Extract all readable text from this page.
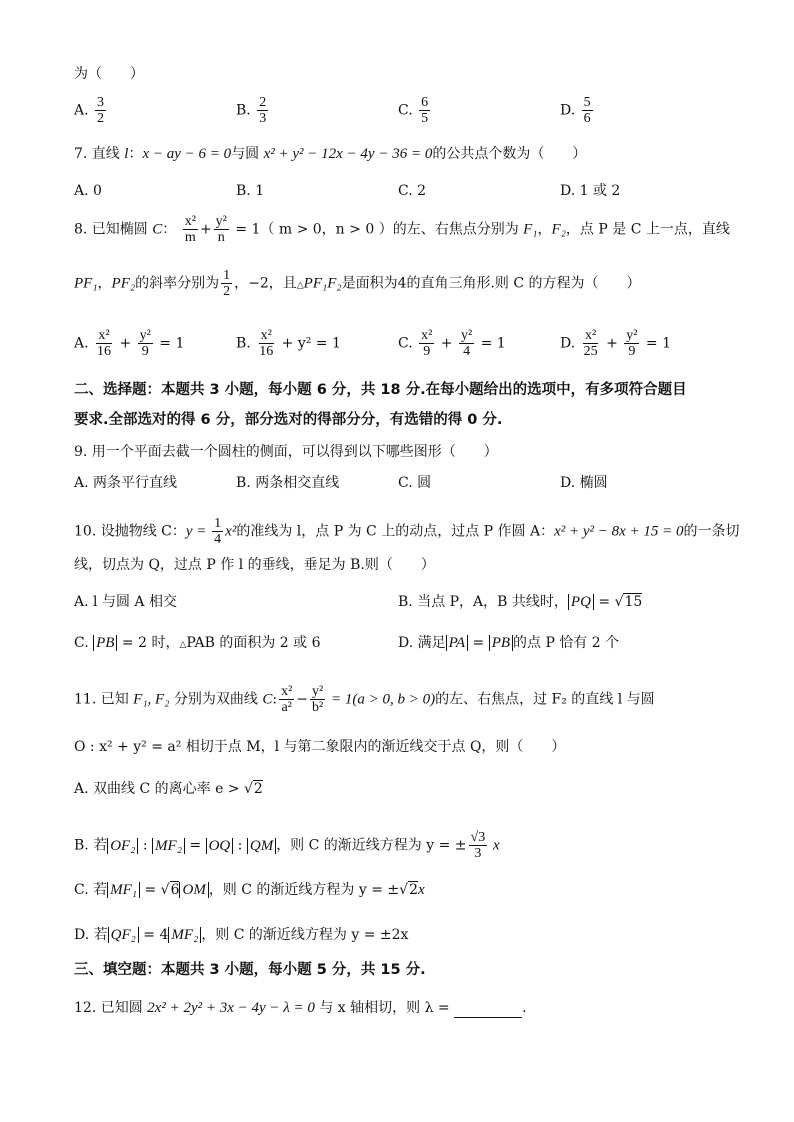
为（　　）
A. $\frac{3}{2}$	B. $\frac{2}{3}$	C. $\frac{6}{5}$	D. $\frac{5}{6}$
7. 直线 l：x − ay − 6 = 0与圆 x² + y² − 12x − 4y − 36 = 0的公共点个数为（　　）
A. 0	B. 1	C. 2	D. 1 或 2
8. 已知椭圆 C： $\frac{\text{x²}}{m} + \frac{\text{y²}}{n} = 1$（ m > 0，n > 0 ）的左、右焦点分别为 F₁，F₂，点 P 是 C 上一点，直线
PF₁，PF₂的斜率分别为 $\frac{1}{2}$ ，−2，且△PF₁F₂是面积为4的直角三角形.则 C 的方程为（　　）
A. $\frac{\text{x²}}{16} + \frac{\text{y²}}{9} = 1$	B. $\frac{\text{x²}}{16} + y^2 = 1$	C. $\frac{\text{x²}}{9} + \frac{\text{y²}}{4} = 1$	D. $\frac{\text{x²}}{25} + \frac{\text{y²}}{9} = 1$
二、选择题：本题共 3 小题，每小题 6 分，共 18 分.在每小题给出的选项中，有多项符合题目
要求.全部选对的得 6 分，部分选对的得部分分，有选错的得 0 分.
9. 用一个平面去截一个圆柱的侧面，可以得到以下哪些图形（　　）
A. 两条平行直线	B. 两条相交直线	C. 圆	D. 椭圆
10. 设抛物线 C：$y = \frac{1}{4} x^2$的准线为 l，点 P 为 C 上的动点，过点 P 作圆 A：x² + y² − 8x + 15 = 0的一条切
线，切点为 Q，过点 P 作 l 的垂线，垂足为 B.则（　　）
A. l 与圆 A 相交	B. 当点 P，A，B 共线时， PQ = √15
C. PB = 2 时，△PAB 的面积为 2 或 6	D. 满足 PA = PB 的点 P 恰有 2 个
11. 已知 F₁, F₂ 分别为双曲线 C: $\frac{\text{x²}}{\text{a²}} - \frac{\text{y²}}{\text{b²}} = 1(a > 0$, b > 0)的左、右焦点，过 F₂ 的直线 l 与圆
O : x² + y² = a² 相切于点 M，l 与第二象限内的渐近线交于点 Q，则（　　）
A. 双曲线 C 的离心率 e > √2
B. 若 OF₂ : MF₂ = OQ : QM ，则 C 的渐近线方程为 y = ± $\frac{√3}{3}$ x
C. 若 MF₁ = √6 OM ，则 C 的渐近线方程为 y = ±√2x
D. 若 QF₂ = 4 MF₂ ，则 C 的渐近线方程为 y = ±2x
三、填空题：本题共 3 小题，每小题 5 分，共 15 分.
12. 已知圆 2x² + 2y² + 3x − 4y − λ = 0 与 x 轴相切，则 λ =	.
